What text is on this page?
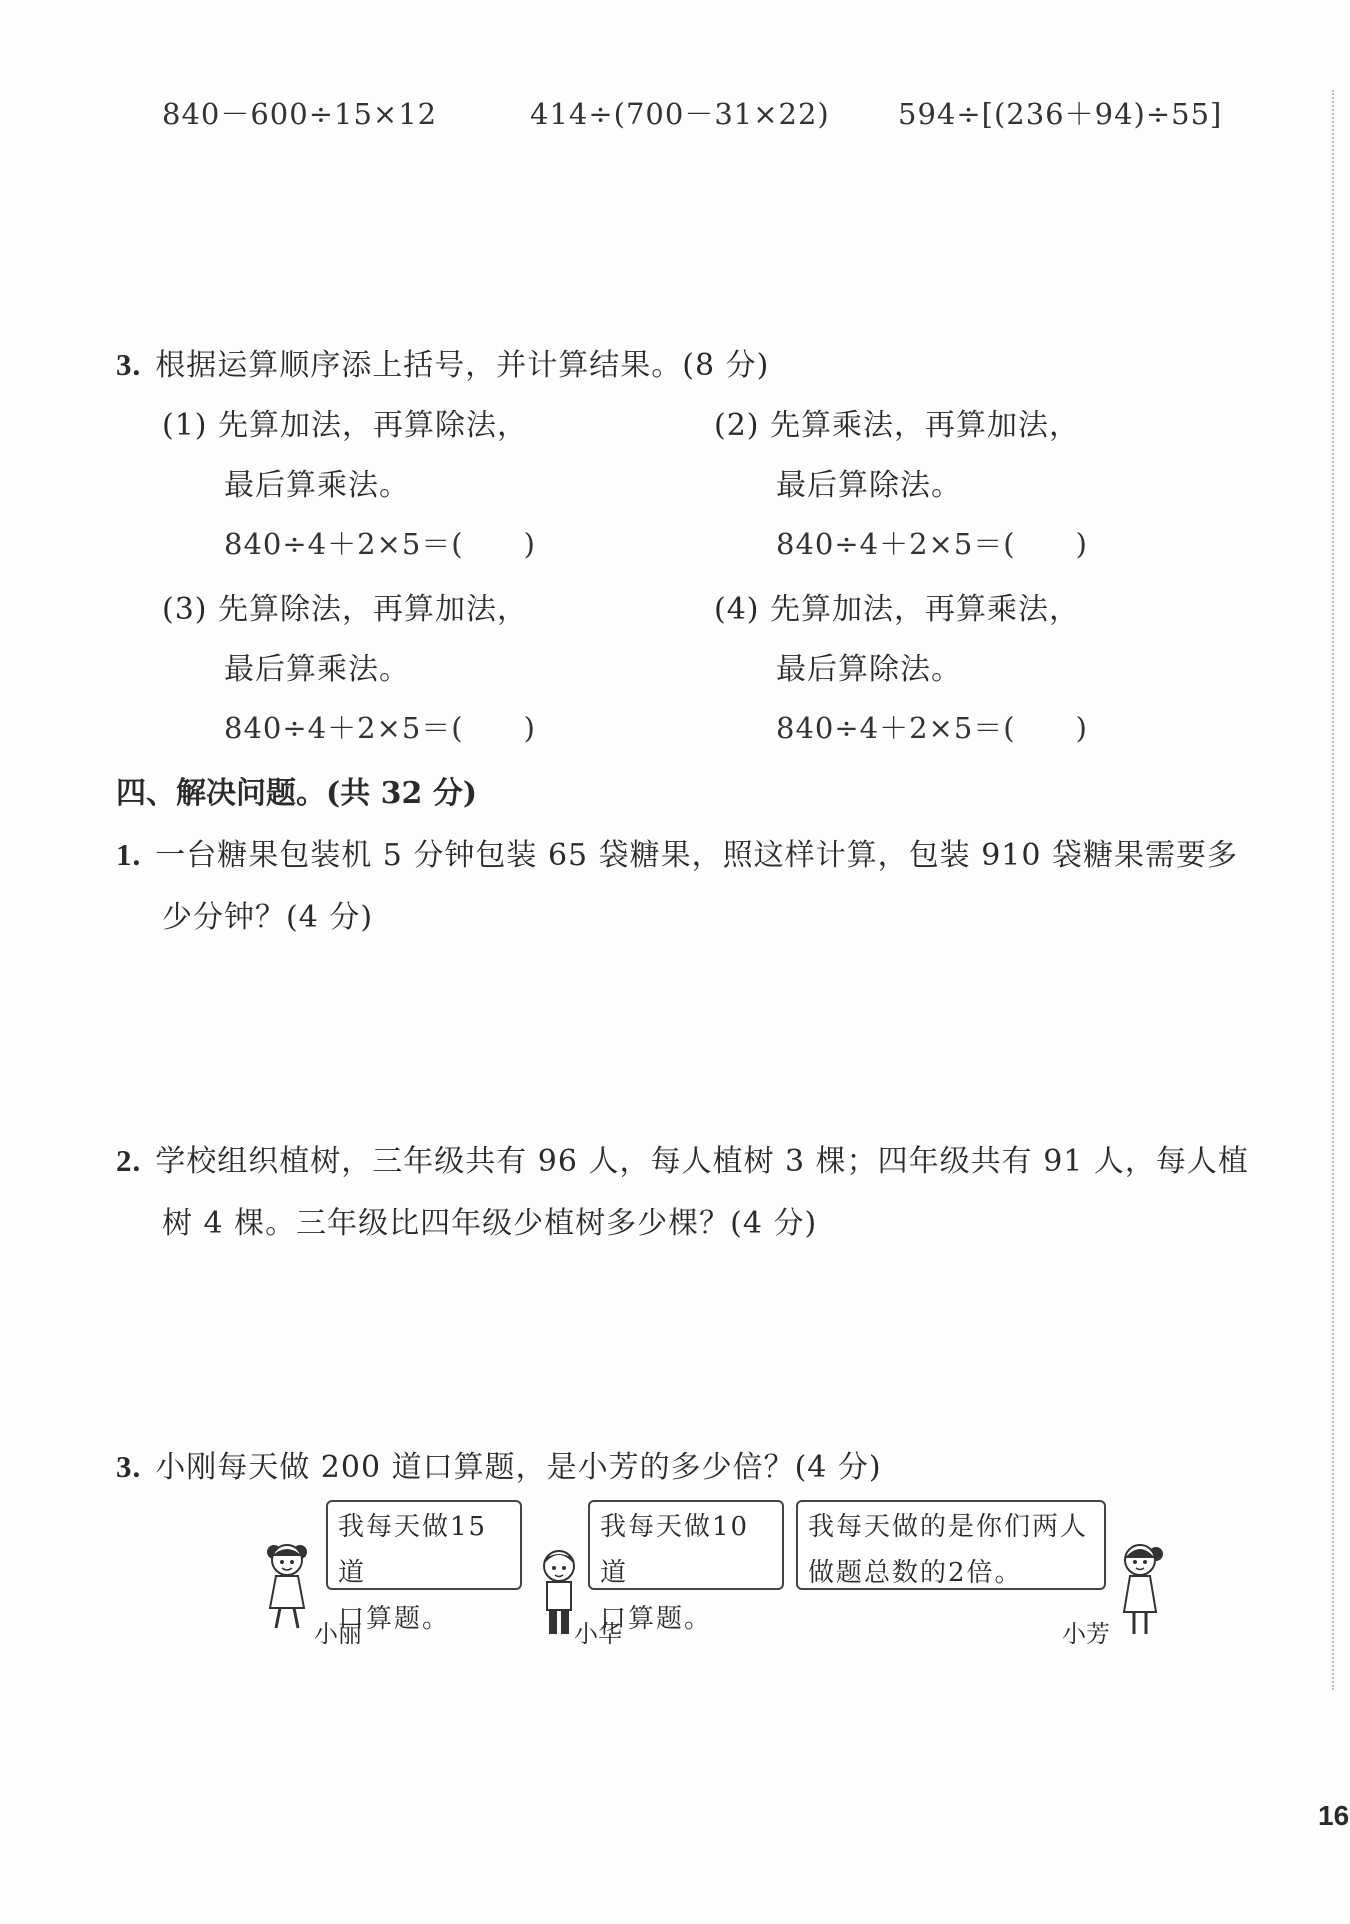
840－600÷15×12	414÷(700－31×22) 594÷[(236＋94)÷55]
3. 根据运算顺序添上括号，并计算结果。(8 分)
(1) 先算加法，再算除法，
最后算乘法。
840÷4＋2×5＝(　　)
(2) 先算乘法，再算加法，
最后算除法。
840÷4＋2×5＝(　　)
(3) 先算除法，再算加法，
最后算乘法。
840÷4＋2×5＝(　　)
(4) 先算加法，再算乘法，
最后算除法。
840÷4＋2×5＝(　　)
四、解决问题。(共 32 分)
1. 一台糖果包装机 5 分钟包装 65 袋糖果，照这样计算，包装 910 袋糖果需要多
少分钟？(4 分)
2. 学校组织植树，三年级共有 96 人，每人植树 3 棵；四年级共有 91 人，每人植
树 4 棵。三年级比四年级少植树多少棵？(4 分)
3. 小刚每天做 200 道口算题，是小芳的多少倍？(4 分)
我每天做15道
口算题。
我每天做10道
口算题。
我每天做的是你们两人
做题总数的2倍。
小丽	小华	小芳
16
